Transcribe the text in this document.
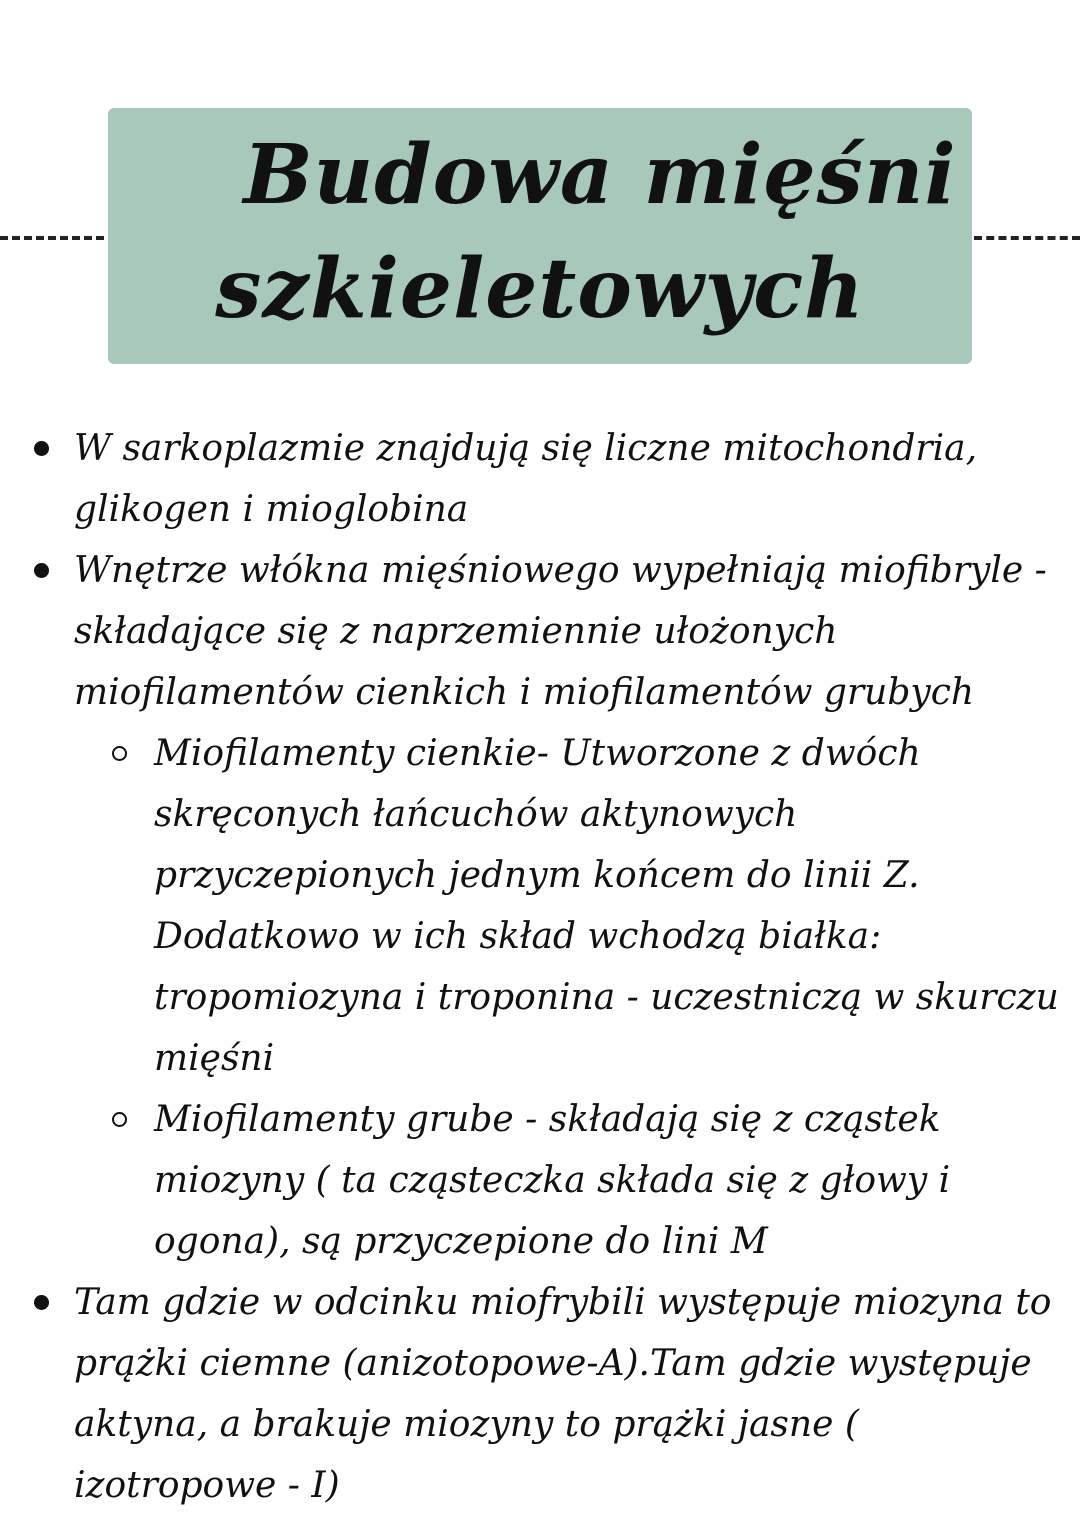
Budowa mięśni
szkieletowych
W sarkoplazmie znajdują się liczne mitochondria, glikogen i mioglobina
Wnętrze włókna mięśniowego wypełniają miofibryle - składające się z naprzemiennie ułożonych miofilamentów cienkich i miofilamentów grubych
Miofilamenty cienkie- Utworzone z dwóch skręconych łańcuchów aktynowych przyczepionych jednym końcem do linii Z. Dodatkowo w ich skład wchodzą białka: tropomiozyna i troponina - uczestniczą w skurczu mięśni
Miofilamenty grube - składają się z cząstek miozyny ( ta cząsteczka składa się z głowy i ogona), są przyczepione do lini M
Tam gdzie w odcinku miofrybili występuje miozyna to prążki ciemne (anizotopowe-A).Tam gdzie występuje aktyna, a brakuje miozyny to prążki jasne ( izotropowe - I)
